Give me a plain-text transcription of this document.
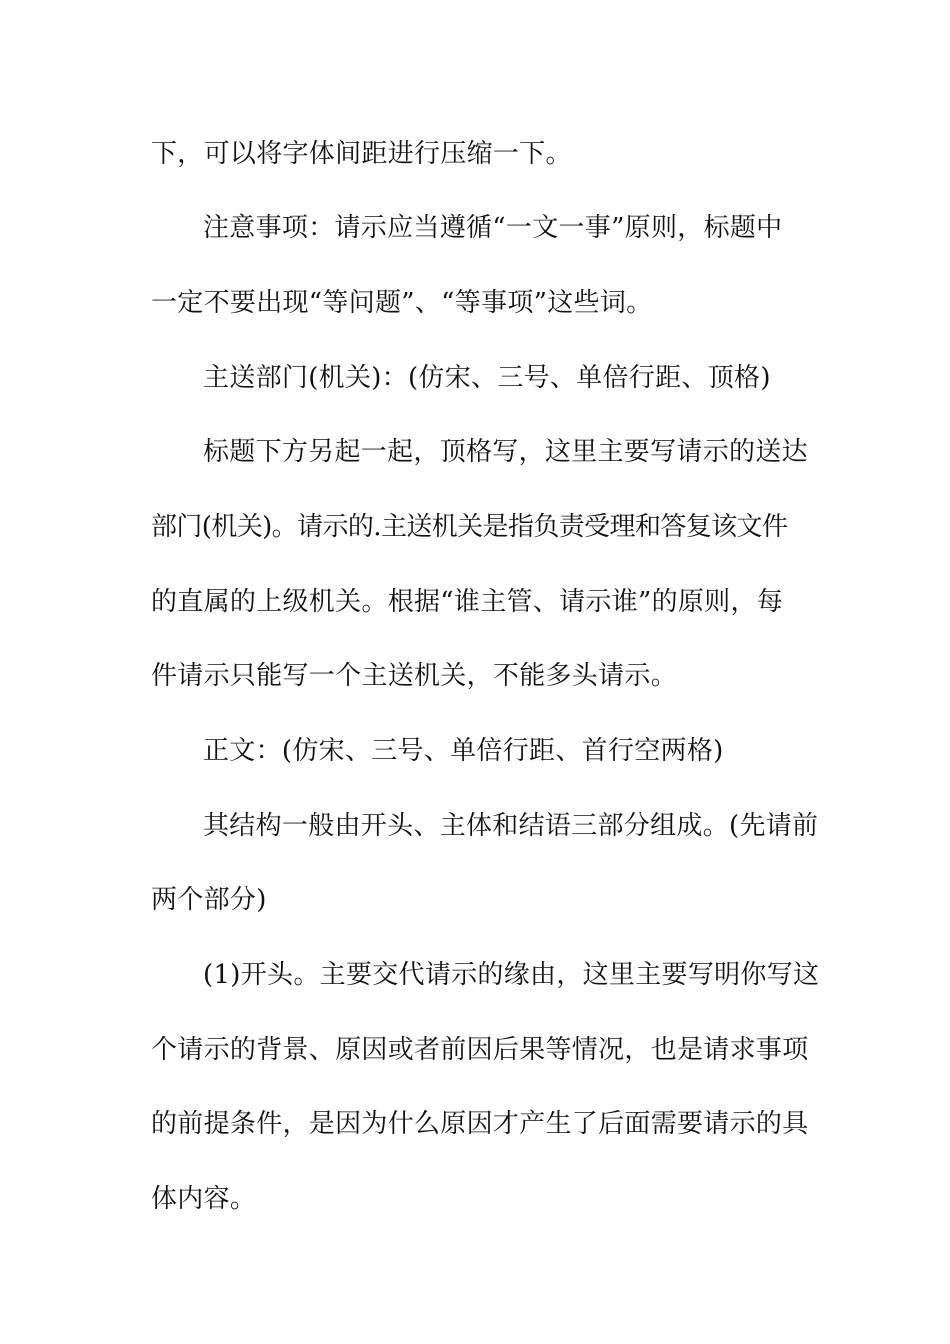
下，可以将字体间距进行压缩一下。
注意事项：请示应当遵循“一文一事”原则，标题中
一定不要出现“等问题”、“等事项”这些词。
主送部门(机关)：(仿宋、三号、单倍行距、顶格)
标题下方另起一起，顶格写，这里主要写请示的送达
部门(机关)。请示的.主送机关是指负责受理和答复该文件
的直属的上级机关。根据“谁主管、请示谁”的原则，每
件请示只能写一个主送机关，不能多头请示。
正文：(仿宋、三号、单倍行距、首行空两格)
其结构一般由开头、主体和结语三部分组成。(先请前
两个部分)
(1)开头。主要交代请示的缘由，这里主要写明你写这
个请示的背景、原因或者前因后果等情况，也是请求事项
的前提条件，是因为什么原因才产生了后面需要请示的具
体内容。
